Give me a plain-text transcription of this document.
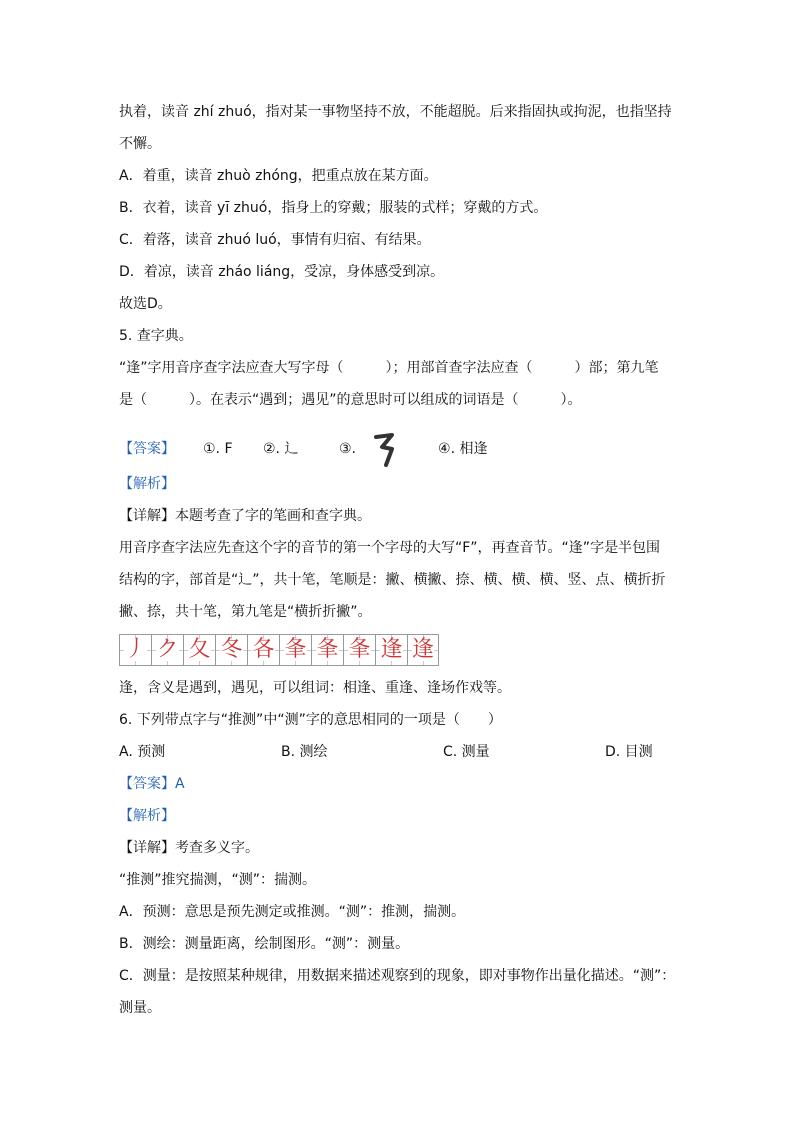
执着，读音 zhí zhuó，指对某一事物坚持不放，不能超脱。后来指固执或拘泥，也指坚持
不懈。
A．着重，读音 zhuò zhóng，把重点放在某方面。
B．衣着，读音 yī zhuó，指身上的穿戴；服装的式样；穿戴的方式。
C．着落，读音 zhuó luó，事情有归宿、有结果。
D．着凉，读音 zháo liáng，受凉，身体感受到凉。
故选D。
5. 查字典。
“逢”字用音序查字法应查大写字母（　　　）；用部首查字法应查（　　　）部；第九笔
是（　　　）。在表示“遇到；遇见”的意思时可以组成的词语是（　　　）。
【答案】	①. F	②. 辶	③.	④. 相逢
【解析】
【详解】本题考查了字的笔画和查字典。
用音序查字法应先查这个字的音节的第一个字母的大写“F”，再查音节。“逢”字是半包围
结构的字，部首是“辶”，共十笔，笔顺是：撇、横撇、捺、横、横、横、竖、点、横折折
撇、捺，共十笔，第九笔是“横折折撇”。
丿 ク 夂 冬 各 夆 夆 夆 逢 逢
逢，含义是遇到，遇见，可以组词：相逢、重逢、逢场作戏等。
6. 下列带点字与“推测”中“测”字的意思相同的一项是（　　）
A. 预测	B. 测绘	C. 测量	D. 目测
【答案】A
【解析】
【详解】考查多义字。
“推测”推究揣测，“测”：揣测。
A．预测：意思是预先测定或推测。“测”：推测，揣测。
B．测绘：测量距离，绘制图形。“测”：测量。
C．测量：是按照某种规律，用数据来描述观察到的现象，即对事物作出量化描述。“测”：
测量。
